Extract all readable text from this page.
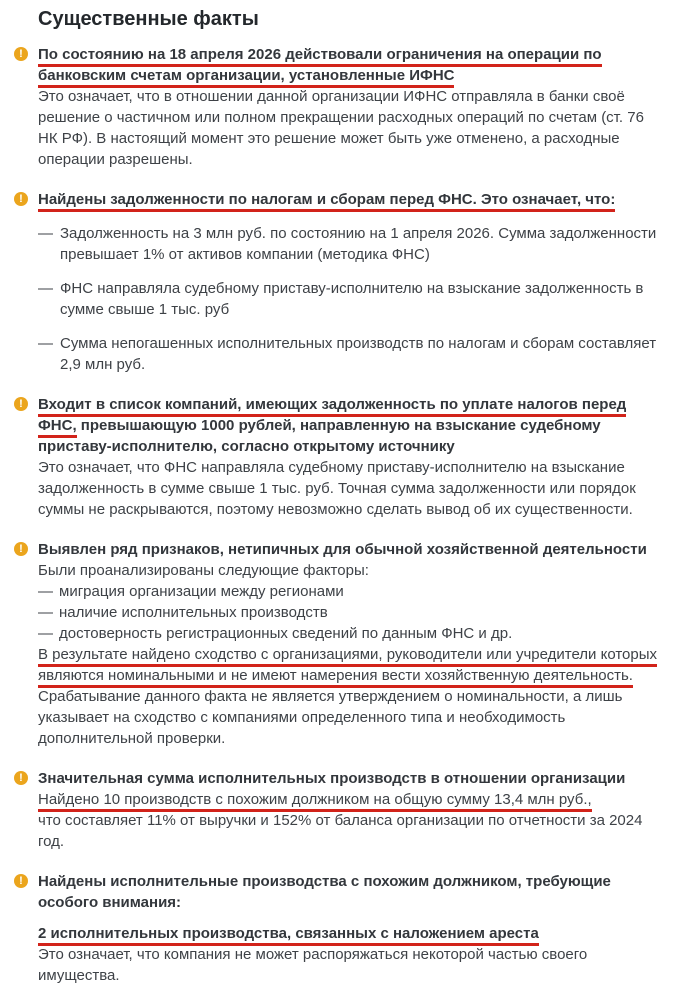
Существенные факты
!	По состоянию на 18 апреля 2026 действовали ограничения на операции по банковским счетам организации, установленные ИФНС
Это означает, что в отношении данной организации ИФНС отправляла в банки своё решение о частичном или полном прекращении расходных операций по счетам (ст. 76 НК РФ). В настоящий момент это решение может быть уже отменено, а расходные операции разрешены.
!	Найдены задолженности по налогам и сборам перед ФНС. Это означает, что:
— Задолженность на 3 млн руб. по состоянию на 1 апреля 2026. Сумма задолженности превышает 1% от активов компании (методика ФНС)
— ФНС направляла судебному приставу-исполнителю на взыскание задолженность в сумме свыше 1 тыс. руб
— Сумма непогашенных исполнительных производств по налогам и сборам составляет 2,9 млн руб.
!	Входит в список компаний, имеющих задолженность по уплате налогов перед ФНС, превышающую 1000 рублей, направленную на взыскание судебному приставу-исполнителю, согласно открытому источнику
Это означает, что ФНС направляла судебному приставу-исполнителю на взыскание задолженность в сумме свыше 1 тыс. руб. Точная сумма задолженности или порядок суммы не раскрываются, поэтому невозможно сделать вывод об их существенности.
!	Выявлен ряд признаков, нетипичных для обычной хозяйственной деятельности
Были проанализированы следующие факторы:
— миграция организации между регионами
— наличие исполнительных производств
— достоверность регистрационных сведений по данным ФНС и др.
В результате найдено сходство с организациями, руководители или учредители которых являются номинальными и не имеют намерения вести хозяйственную деятельность.
Срабатывание данного факта не является утверждением о номинальности, а лишь указывает на сходство с компаниями определенного типа и необходимость дополнительной проверки.
!	Значительная сумма исполнительных производств в отношении организации
Найдено 10 производств с похожим должником на общую сумму 13,4 млн руб.,
что составляет 11% от выручки и 152% от баланса организации по отчетности за 2024 год.
!	Найдены исполнительные производства с похожим должником, требующие особого внимания:
2 исполнительных производства, связанных с наложением ареста
Это означает, что компания не может распоряжаться некоторой частью своего имущества.
